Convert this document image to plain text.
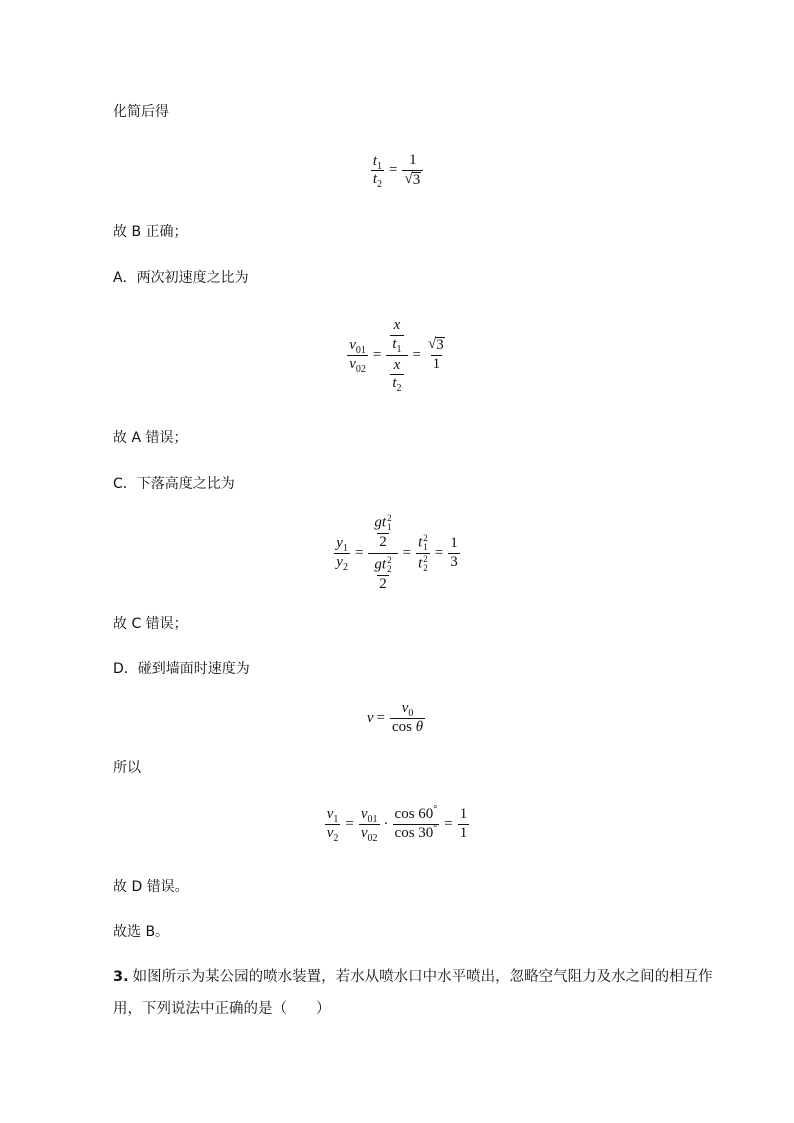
化简后得
$\frac{t_1}{t_2} = \frac{1}{√ 3}$
故 B 正确；
A．两次初速度之比为
$\frac{v_{01}}{v_{02}} = \frac{\frac{x}{t_1}}{\frac{x}{t_2}} = \frac{√ 3}{1}$
故 A 错误；
C．下落高度之比为
$\frac{y_1}{y_2}$ = gt 2
1
2
gt 2
2
2 = t 2
1
t 2
$2 = \frac{1}{3}$
故 C 错误；
D．碰到墙面时速度为
$v = \frac{v_0}{\text{cos θ}}$
所以
$\frac{v_1}{v_2} = \frac{v_{01}}{v_{02}} \cdot \frac{\cos 60^\circ}{\cos 30^\circ} = \frac{1}{1}$
故 D 错误。
故选 B。
3. 如图所示为某公园的喷水装置，若水从喷水口中水平喷出，忽略空气阻力及水之间的相互作
用，下列说法中正确的是（　　）
